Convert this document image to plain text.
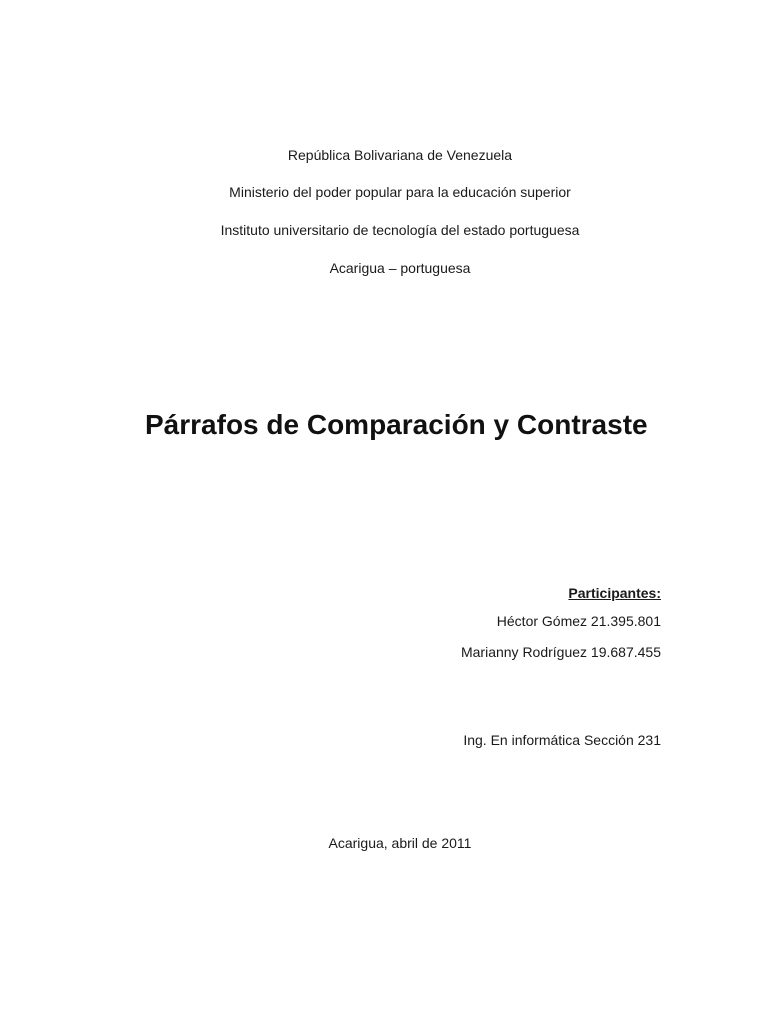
República Bolivariana de Venezuela
Ministerio del poder popular para la educación superior
Instituto universitario de tecnología del estado portuguesa
Acarigua – portuguesa
Párrafos de Comparación y Contraste
Participantes:
Héctor Gómez 21.395.801
Marianny Rodríguez 19.687.455
Ing. En informática Sección 231
Acarigua, abril de 2011
